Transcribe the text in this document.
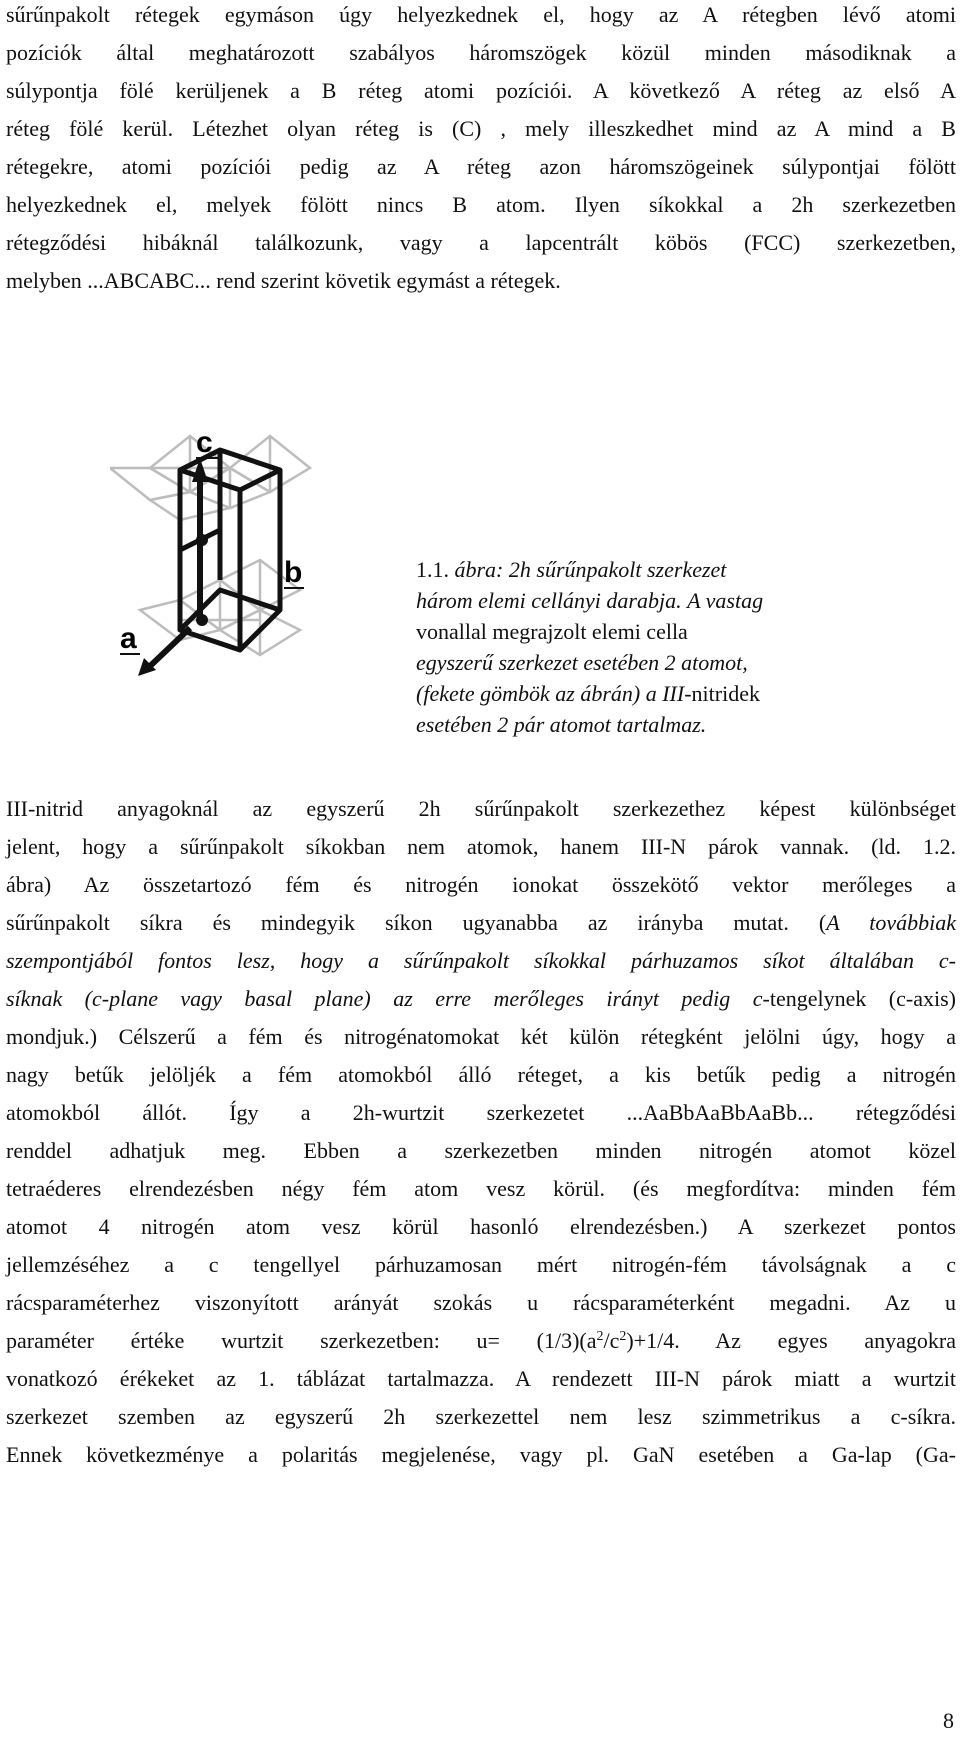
sűrűnpakolt rétegek egymáson úgy helyezkednek el, hogy az A rétegben lévő atomi
pozíciók által meghatározott szabályos háromszögek közül minden másodiknak a
súlypontja fölé kerüljenek a B réteg atomi pozíciói. A következő A réteg az első A
réteg fölé kerül. Létezhet olyan réteg is (C) , mely illeszkedhet mind az A mind a B
rétegekre, atomi pozíciói pedig az A réteg azon háromszögeinek súlypontjai fölött
helyezkednek el, melyek fölött nincs B atom. Ilyen síkokkal a 2h szerkezetben
rétegződési hibáknál találkozunk, vagy a lapcentrált köbös (FCC) szerkezetben,
melyben ...ABCABC... rend szerint követik egymást a rétegek.
c
b
a
1.1. ábra: 2h sűrűnpakolt szerkezet
három elemi cellányi darabja. A vastag
vonallal megrajzolt elemi cella
egyszerű szerkezet esetében 2 atomot,
(fekete gömbök az ábrán) a III-nitridek
esetében 2 pár atomot tartalmaz.
III-nitrid anyagoknál az egyszerű 2h sűrűnpakolt szerkezethez képest különbséget
jelent, hogy a sűrűnpakolt síkokban nem atomok, hanem III-N párok vannak. (ld. 1.2.
ábra) Az összetartozó fém és nitrogén ionokat összekötő vektor merőleges a
sűrűnpakolt síkra és mindegyik síkon ugyanabba az irányba mutat. (A továbbiak
szempontjából fontos lesz, hogy a sűrűnpakolt síkokkal párhuzamos síkot általában c-
síknak (c-plane vagy basal plane) az erre merőleges irányt pedig c-tengelynek (c-axis)
mondjuk.) Célszerű a fém és nitrogénatomokat két külön rétegként jelölni úgy, hogy a
nagy betűk jelöljék a fém atomokból álló réteget, a kis betűk pedig a nitrogén
atomokból állót. Így a 2h-wurtzit szerkezetet ...AaBbAaBbAaBb... rétegződési
renddel adhatjuk meg. Ebben a szerkezetben minden nitrogén atomot közel
tetraéderes elrendezésben négy fém atom vesz körül. (és megfordítva: minden fém
atomot 4 nitrogén atom vesz körül hasonló elrendezésben.) A szerkezet pontos
jellemzéséhez a c tengellyel párhuzamosan mért nitrogén-fém távolságnak a c
rácsparaméterhez viszonyított arányát szokás u rácsparaméterként megadni. Az u
paraméter értéke wurtzit szerkezetben: $u= (1/3)(a^2/c^2)+1/4$. Az egyes anyagokra
vonatkozó érékeket az 1. táblázat tartalmazza. A rendezett III-N párok miatt a wurtzit
szerkezet szemben az egyszerű 2h szerkezettel nem lesz szimmetrikus a c-síkra.
Ennek következménye a polaritás megjelenése, vagy pl. GaN esetében a Ga-lap (Ga-
8
